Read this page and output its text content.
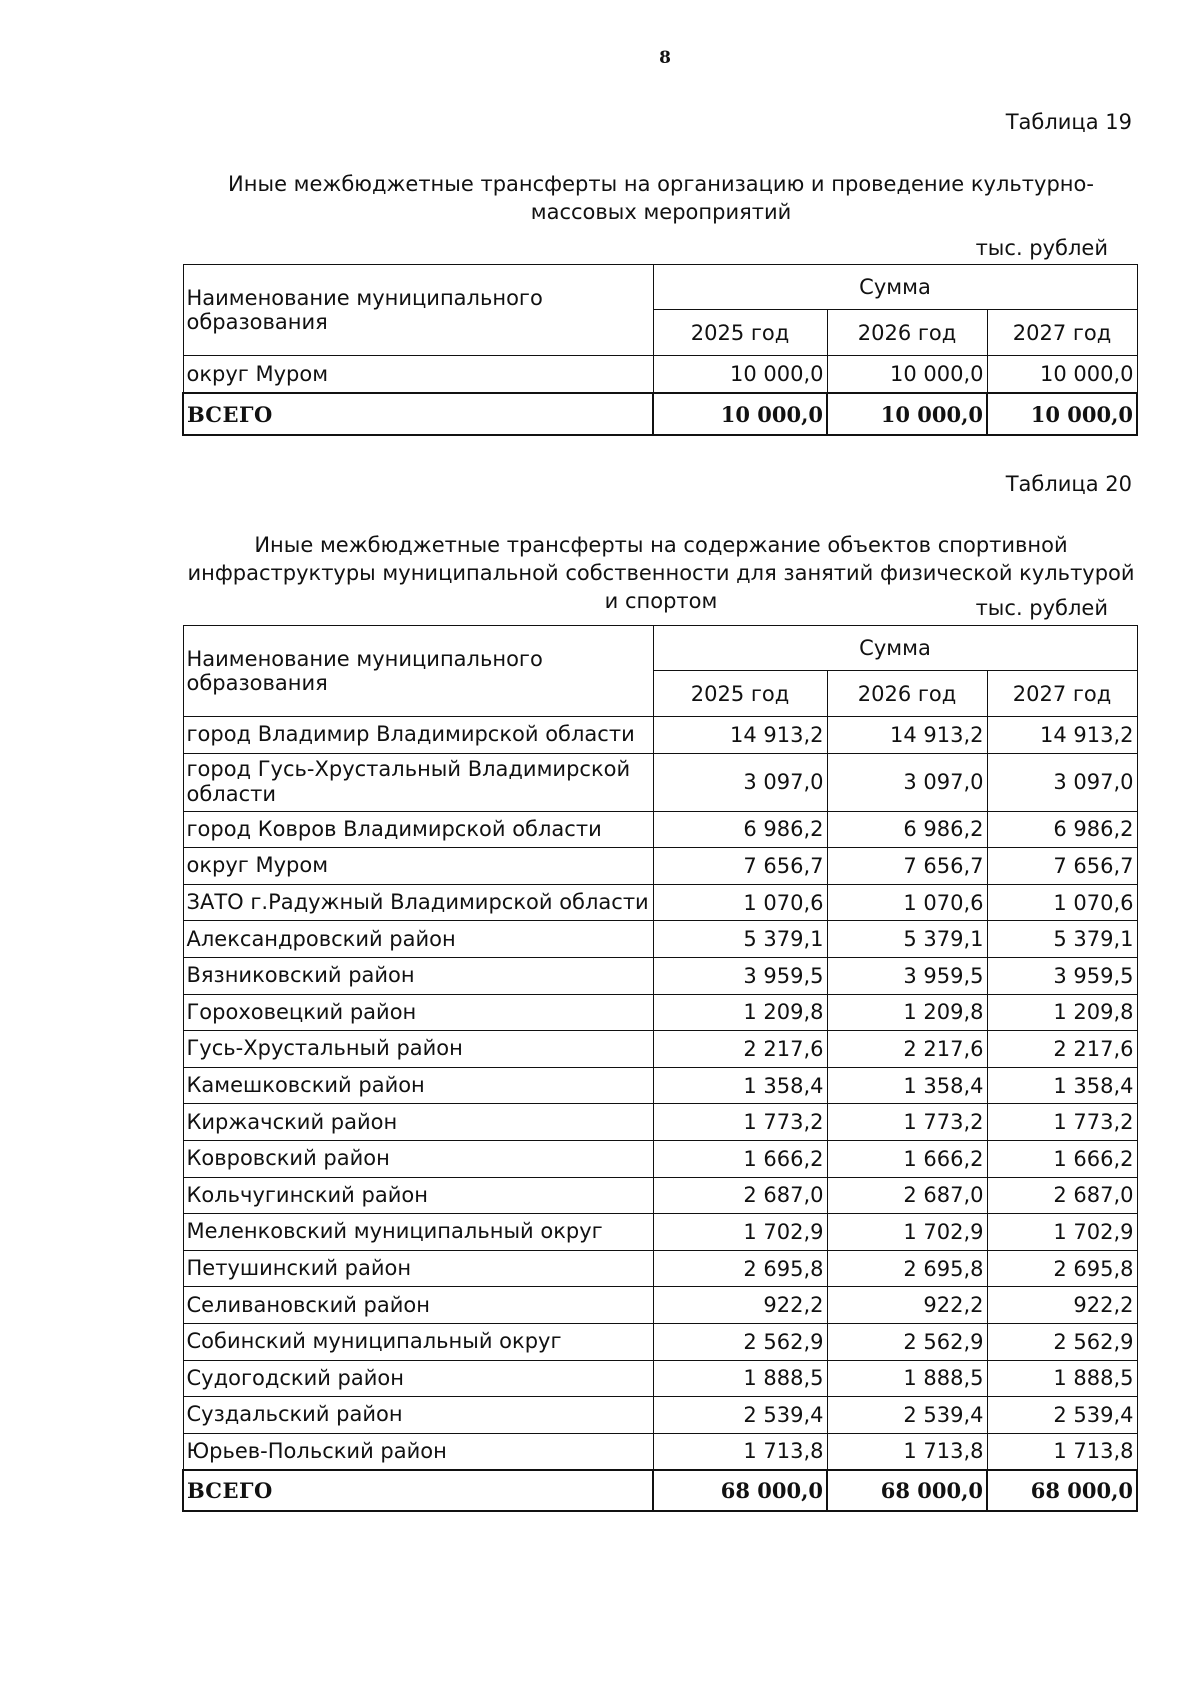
8
Таблица 19
Иные межбюджетные трансферты на организацию и проведение культурно-массовых мероприятий
тыс. рублей
Наименование муниципального образования	Сумма		
	2025 год	2026 год	2027 год
округ Муром	10 000,0	10 000,0	10 000,0
ВСЕГО	10 000,0	10 000,0	10 000,0
Таблица 20
Иные межбюджетные трансферты на содержание объектов спортивной инфраструктуры муниципальной собственности для занятий физической культурой и спортом	тыс. рублей
Наименование муниципального образования	Сумма		
	2025 год	2026 год	2027 год
город Владимир Владимирской области	14 913,2	14 913,2	14 913,2
город Гусь-Хрустальный Владимирской области	3 097,0	3 097,0	3 097,0
город Ковров Владимирской области	6 986,2	6 986,2	6 986,2
округ Муром	7 656,7	7 656,7	7 656,7
ЗАТО г.Радужный Владимирской области	1 070,6	1 070,6	1 070,6
Александровский район	5 379,1	5 379,1	5 379,1
Вязниковский район	3 959,5	3 959,5	3 959,5
Гороховецкий район	1 209,8	1 209,8	1 209,8
Гусь-Хрустальный район	2 217,6	2 217,6	2 217,6
Камешковский район	1 358,4	1 358,4	1 358,4
Киржачский район	1 773,2	1 773,2	1 773,2
Ковровский район	1 666,2	1 666,2	1 666,2
Кольчугинский район	2 687,0	2 687,0	2 687,0
Меленковский муниципальный округ	1 702,9	1 702,9	1 702,9
Петушинский район	2 695,8	2 695,8	2 695,8
Селивановский район	922,2	922,2	922,2
Собинский муниципальный округ	2 562,9	2 562,9	2 562,9
Судогодский район	1 888,5	1 888,5	1 888,5
Суздальский район	2 539,4	2 539,4	2 539,4
Юрьев-Польский район	1 713,8	1 713,8	1 713,8
ВСЕГО	68 000,0	68 000,0	68 000,0
